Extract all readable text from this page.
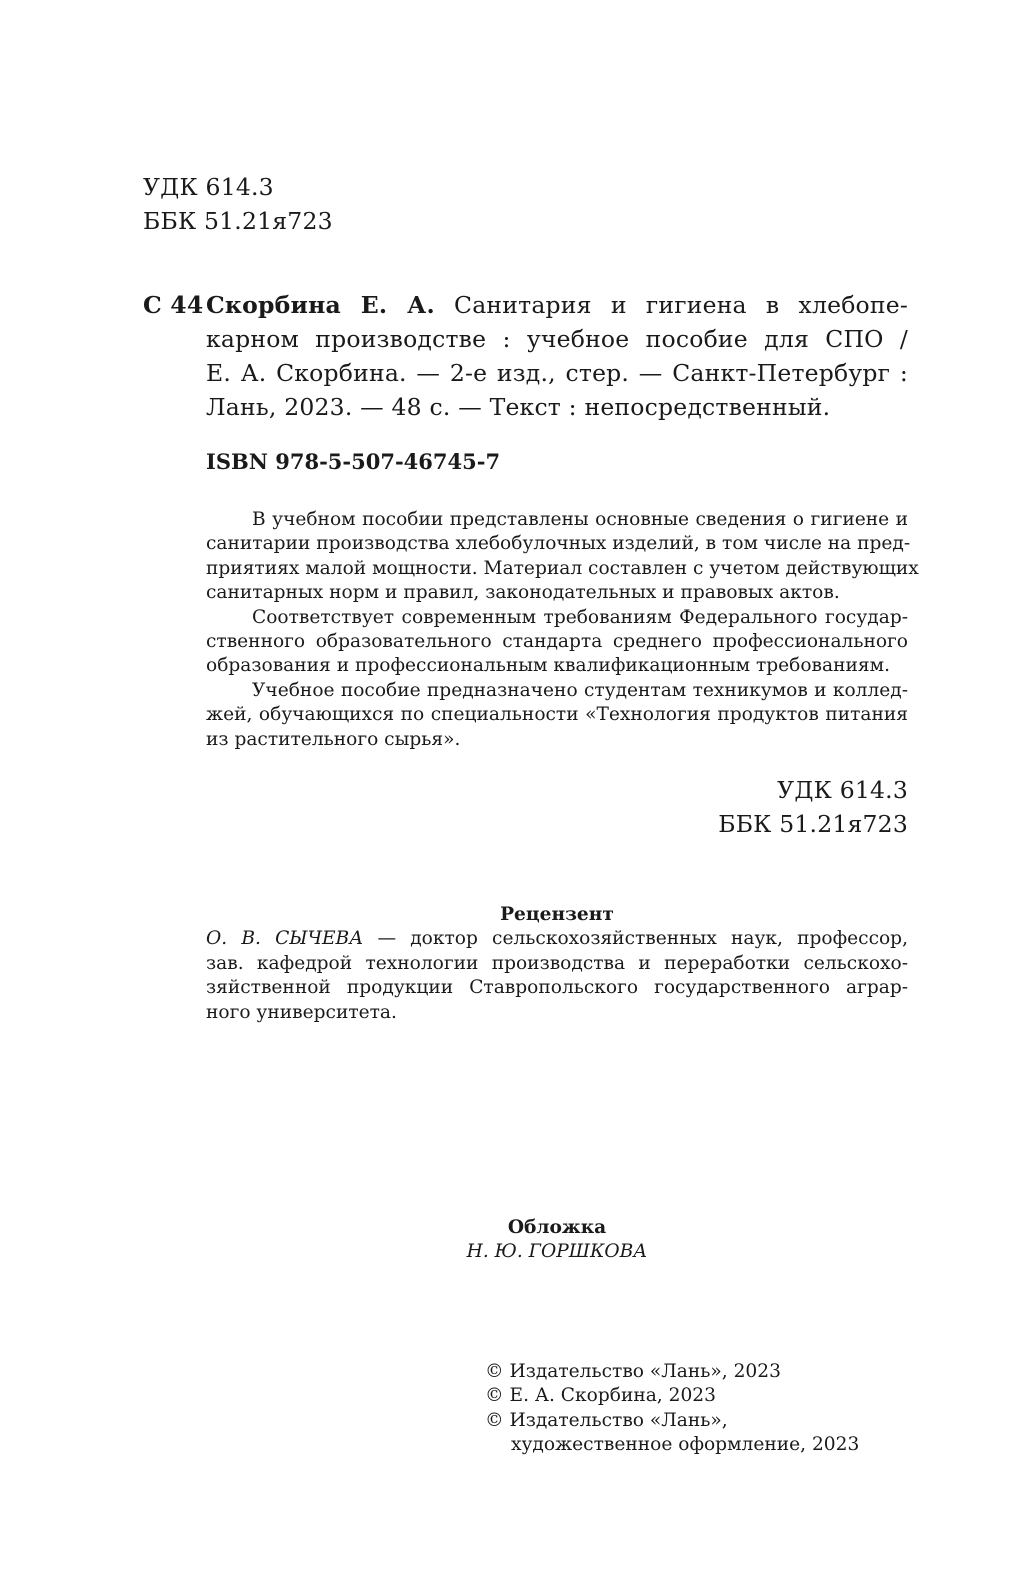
УДК 614.3
ББК 51.21я723
С 44 Скорбина Е. А. Санитария и гигиена в хлебопе-
карном производстве : учебное пособие для СПО /
Е. А. Скорбина. — 2-е изд., стер. — Санкт-Петербург :
Лань, 2023. — 48 с. — Текст : непосредственный.
ISBN 978-5-507-46745-7
В учебном пособии представлены основные сведения о гигиене и
санитарии производства хлебобулочных изделий, в том числе на пред-
приятиях малой мощности. Материал составлен с учетом действующих
санитарных норм и правил, законодательных и правовых актов.
Соответствует современным требованиям Федерального государ-
ственного образовательного стандарта среднего профессионального
образования и профессиональным квалификационным требованиям.
Учебное пособие предназначено студентам техникумов и коллед-
жей, обучающихся по специальности «Технология продуктов питания
из растительного сырья».
УДК 614.3
ББК 51.21я723
Рецензент
О. В. СЫЧЕВА — доктор сельскохозяйственных наук, профессор,
зав. кафедрой технологии производства и переработки сельскохо-
зяйственной продукции Ставропольского государственного аграр-
ного университета.
Обложка
Н. Ю. ГОРШКОВА
© Издательство «Лань», 2023
© Е. А. Скорбина, 2023
© Издательство «Лань»,
художественное оформление, 2023
